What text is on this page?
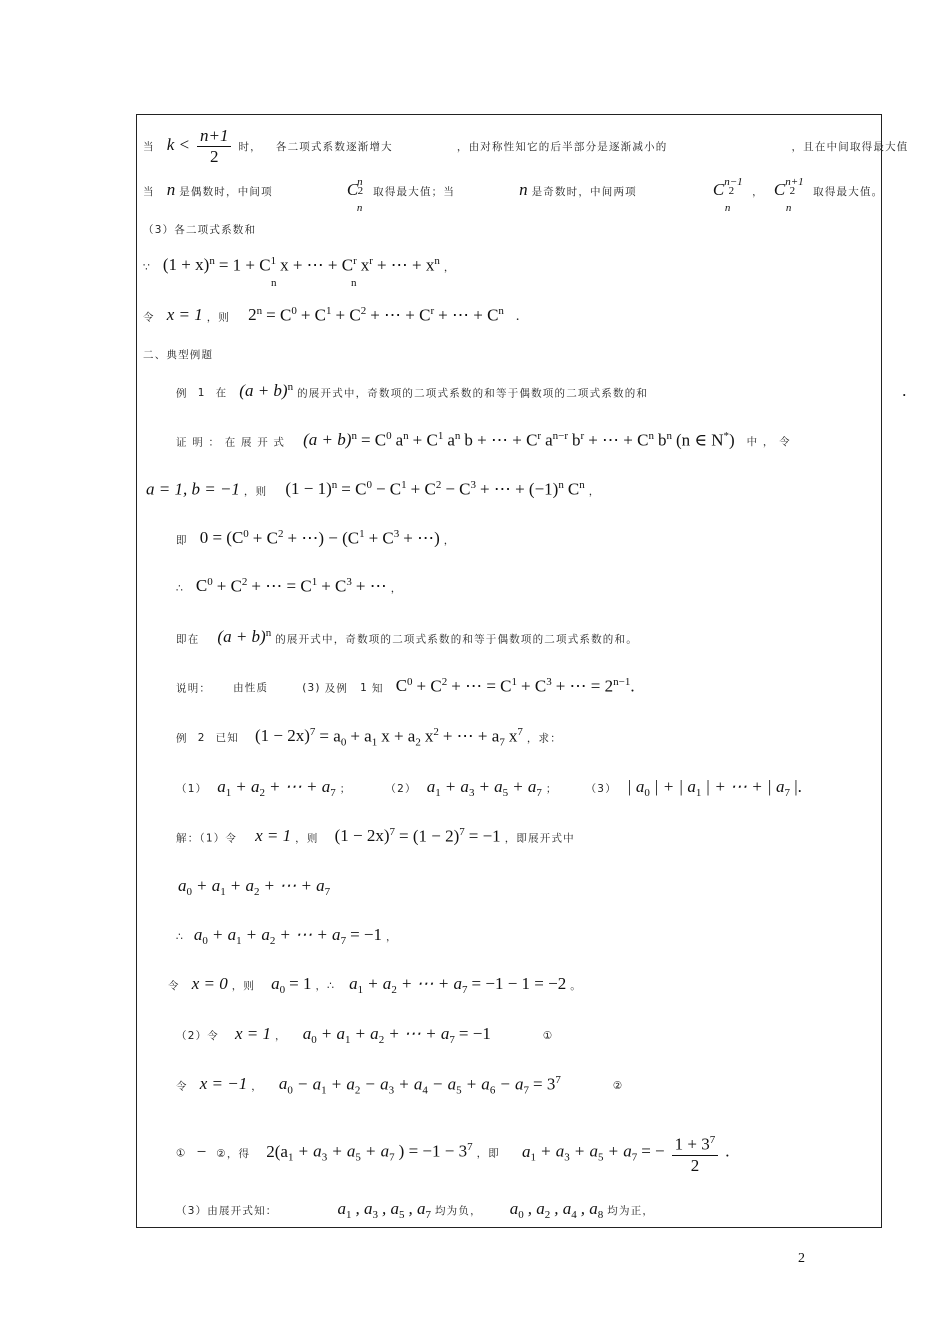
当 $k < \frac{n+1}{2}$ 时， 各二项式系数逐渐增大	，由对称性知它的后半部分是逐渐减小的	，且在中间取得最大值
当 n 是偶数时，中间项	$C^n2$
n
取得最大值；当	n 是奇数时，中间两项	$C^{n-1}2$
n
， $C^{n+1}2$
n
取得最大值。
（3）各二项式系数和
∵ $(1 + x)^n = 1 + C^1$ x + ⋯ + $C^r$ $x^r$ + ⋯ + $x^n$ ，
n	n
令 x = 1 ，则 $2^n = C^0 + C^1 + C^2$ + ⋯ + $C^r$ + ⋯ + $C^n$ .
二、典型例题
例 1 在 $(a + b)^n$ 的展开式中，奇数项的二项式系数的和等于偶数项的二项式系数的和	.
证 明 ： 在 展 开 式 $(a + b)^n = C^0$ $a^n + C^1$ $a^n$ b + ⋯ + $C^r$ $a^{n-r}$ $b^r$ + ⋯ + $C^n$ $b^n$ (n ∈ N*) 中 ， 令
a = 1, b = −1 ，则 $(1 - 1)^n = C^0 - C^1 + C^2 - C^3$ + ⋯ + $(-1)^n$ $C^n$ ，
即 $0 = (C^0 + C^2$ + ⋯) − ($C^1 + C^3$ + ⋯) ，
∴ $C^0 + C^2$ + ⋯ = $C^1 + C^3$ + ⋯ ，
即在 $(a + b)^n$ 的展开式中，奇数项的二项式系数的和等于偶数项的二项式系数的和。
说明： 由性质	(3) 及例 1 知 $C^0 + C^2$ + ⋯ = $C^1 + C^3$ + ⋯ = $2^{n-1}$.
例 2 已知 $(1 - 2x)^7 = a_0 + a_1$ $x + a_2$ $x^2$ + ⋯ + $a_7$ $x^7$ ，求：
（1） $a_1 + a_2$ + ⋯ + $a_7$ ；	（2） $a_1 + a_3 + a_5 + a_7$ ；	（3） | $a_0$ | + | $a_1$ | + ⋯ + | $a_7$ |.
解：（1）令 x = 1 ，则 $(1 - 2x)^7 = (1 - 2)^7 = -1$ ，即展开式中
$a_0 + a_1 + a_2$ + ⋯ + $a_7$
∴ $a_0 + a_1 + a_2$ + ⋯ + $a_7 = -1$ ，
令 x = 0 ，则 $a_0 = 1$ ，∴ $a_1 + a_2$ + ⋯ + $a_7 = -1 - 1 = -2$ 。
（2）令 x = 1 ， $a_0 + a_1 + a_2$ + ⋯ + $a_7 = -1$	①
令 x = −1 ， $a_0 - a_1 + a_2 - a_3 + a_4 - a_5 + a_6 - a_7 = 3^7$ ②
① − ②，得 $2(a_1 + a_3 + a_5 + a_7$ ) = $-1 - 3^7$ ，即 $a_1 + a_3 + a_5 + a_7$ = − $\frac{1 + 3^7}{2}$ .
（3）由展开式知：	$a_1$ , $a_3$ , $a_5$ , $a_7$ 均为负， $a_0$ , $a_2$ , $a_4$ , $a_8$ 均为正，
2
